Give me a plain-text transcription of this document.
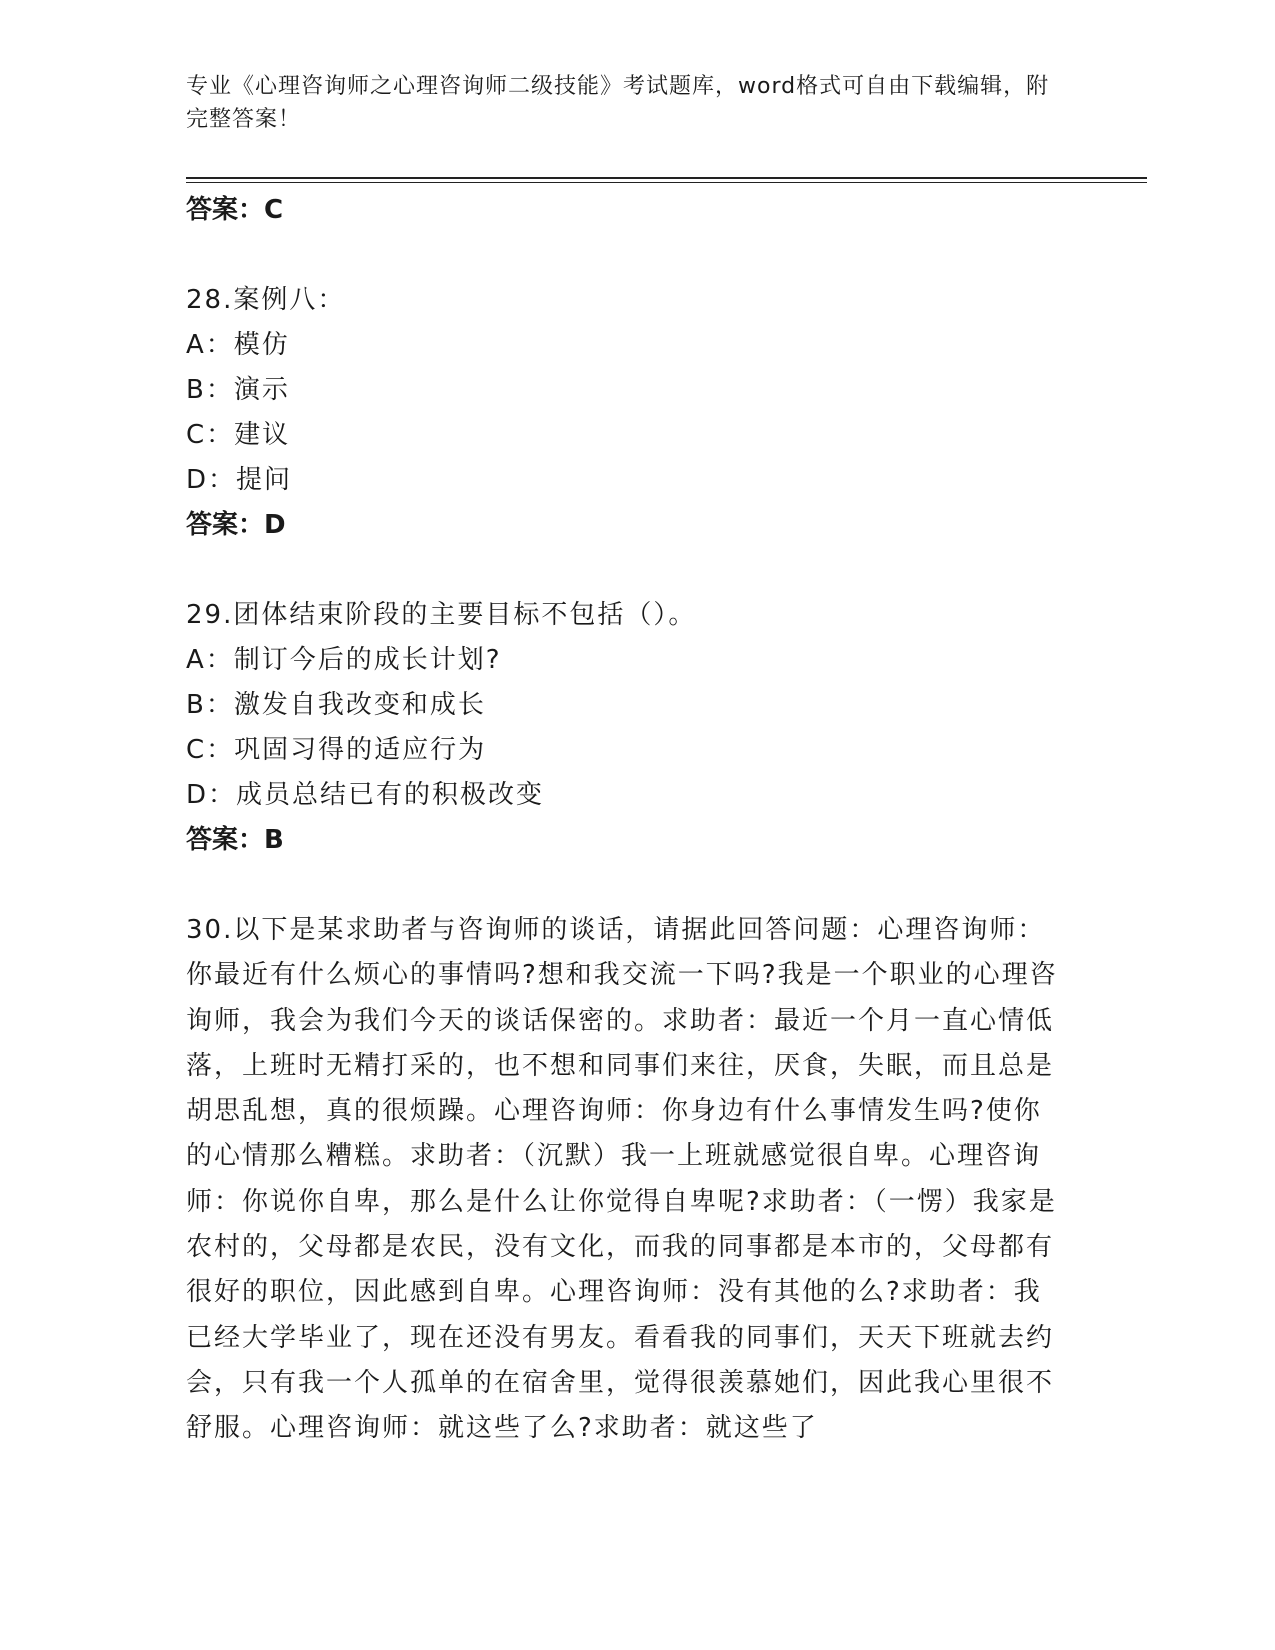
专业《心理咨询师之心理咨询师二级技能》考试题库，word格式可自由下载编辑，附完整答案！
答案：C
28.案例八：
A：模仿
B：演示
C：建议
D：提问
答案：D
29.团体结束阶段的主要目标不包括（）。
A：制订今后的成长计划?
B：激发自我改变和成长
C：巩固习得的适应行为
D：成员总结已有的积极改变
答案：B
30.以下是某求助者与咨询师的谈话，请据此回答问题：心理咨询师：你最近有什么烦心的事情吗?想和我交流一下吗?我是一个职业的心理咨询师，我会为我们今天的谈话保密的。求助者：最近一个月一直心情低落，上班时无精打采的，也不想和同事们来往，厌食，失眠，而且总是胡思乱想，真的很烦躁。心理咨询师：你身边有什么事情发生吗?使你的心情那么糟糕。求助者：（沉默）我一上班就感觉很自卑。心理咨询师：你说你自卑，那么是什么让你觉得自卑呢?求助者：（一愣）我家是农村的，父母都是农民，没有文化，而我的同事都是本市的，父母都有很好的职位，因此感到自卑。心理咨询师：没有其他的么?求助者：我已经大学毕业了，现在还没有男友。看看我的同事们，天天下班就去约会，只有我一个人孤单的在宿舍里，觉得很羡慕她们，因此我心里很不舒服。心理咨询师：就这些了么?求助者：就这些了
